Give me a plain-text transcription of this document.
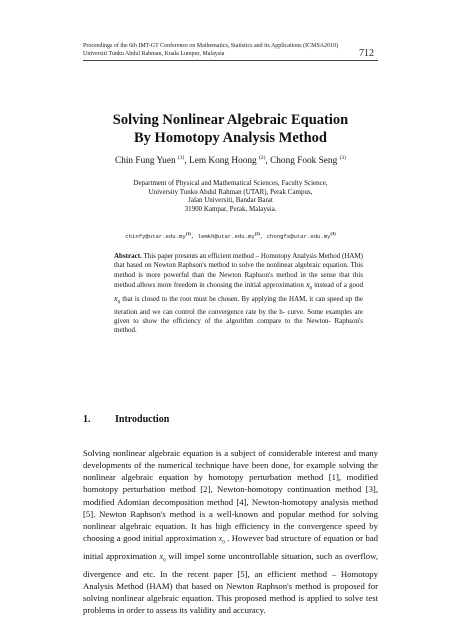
Proceedings of the 6th IMT-GT Conference on Mathematics, Statistics and its Applications (ICMSA2010)
Universiti Tunku Abdul Rahman, Kuala Lumpur, Malaysia	712
Solving Nonlinear Algebraic Equation
By Homotopy Analysis Method
Chin Fung Yuen $^{(1)}$, Lem Kong Hoong $^{(2)}$, Chong Fook Seng $^{(3)}$
Department of Physical and Mathematical Sciences, Faculty Science,
University Tunku Abdul Rahman (UTAR), Perak Campus,
Jalan Universiti, Bandar Barat
31900 Kampar, Perak, Malaysia.
$chinfy@utar.edu.my^{(1)}$, $lemkh@utar.edu.my^{(2)}$, $chongfs@utar.edu.my^{(3)}$
Abstract. This paper presents an efficient method – Homotopy Analysis Method (HAM) that based on Newton Raphson's method to solve the nonlinear algebraic equation. This method is more powerful than the Newton Raphson's method in the sense that this method allows more freedom in choosing the initial approximation $x_0$ instead of a good $x_0$ that is closed to the root must be chosen. By applying the HAM, it can speed up the iteration and we can control the convergence rate by the h- curve. Some examples are given to show the efficiency of the algorithm compare to the Newton- Raphson's method.
1. Introduction
Solving nonlinear algebraic equation is a subject of considerable interest and many developments of the numerical technique have been done, for example solving the nonlinear algebraic equation by homotopy perturbation method [1], modified homotopy perturbation method [2], Newton-homotopy continuation method [3], modified Adomian decomposition method [4], Newton-homotopy analysis method [5]. Newton Raphson's method is a well-known and popular method for solving nonlinear algebraic equation. It has high efficiency in the convergence speed by choosing a good initial approximation $x_0$ . However bad structure of equation or bad initial approximation $x_0$ will impel some uncontrollable situation, such as overflow, divergence and etc. In the recent paper [5], an efficient method – Homotopy Analysis Method (HAM) that based on Newton Raphson's method is proposed for solving nonlinear algebraic equation. This proposed method is applied to solve test problems in order to assess its validity and accuracy.
